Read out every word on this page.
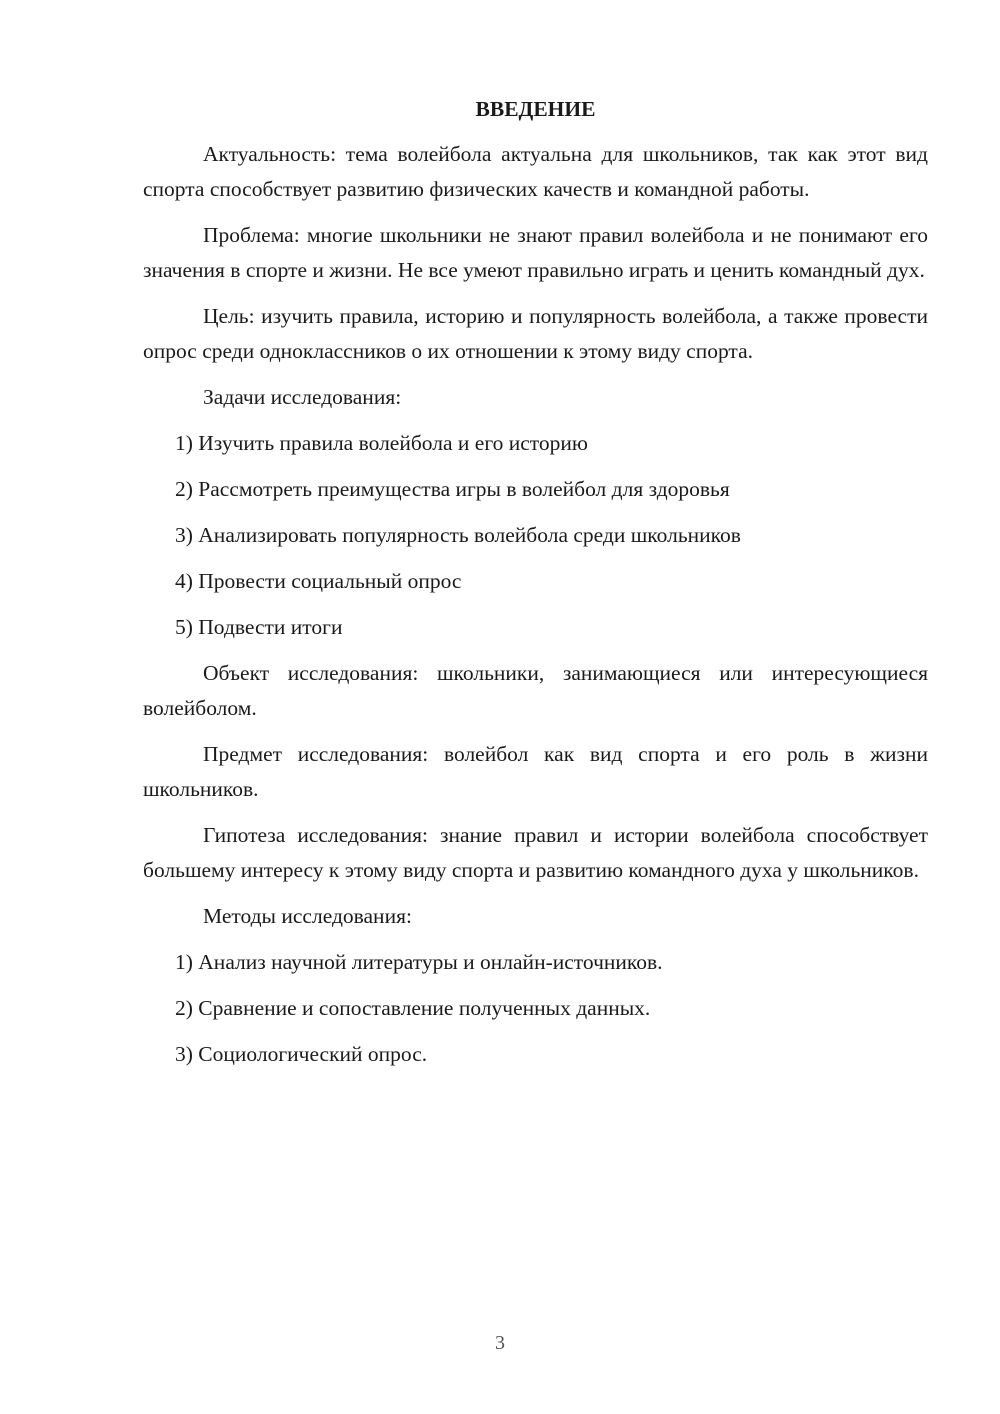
ВВЕДЕНИЕ

Актуальность: тема волейбола актуальна для школьников, так как этот вид спорта способствует развитию физических качеств и командной работы.

Проблема: многие школьники не знают правил волейбола и не понимают его значения в спорте и жизни. Не все умеют правильно играть и ценить командный дух.

Цель: изучить правила, историю и популярность волейбола, а также провести опрос среди одноклассников о их отношении к этому виду спорта.

Задачи исследования:

1) Изучить правила волейбола и его историю
2) Рассмотреть преимущества игры в волейбол для здоровья
3) Анализировать популярность волейбола среди школьников
4) Провести социальный опрос
5) Подвести итоги

Объект исследования: школьники, занимающиеся или интересующиеся волейболом.

Предмет исследования: волейбол как вид спорта и его роль в жизни школьников.

Гипотеза исследования: знание правил и истории волейбола способствует большему интересу к этому виду спорта и развитию командного духа у школьников.

Методы исследования:

1) Анализ научной литературы и онлайн-источников.
2) Сравнение и сопоставление полученных данных.
3) Социологический опрос.
3
